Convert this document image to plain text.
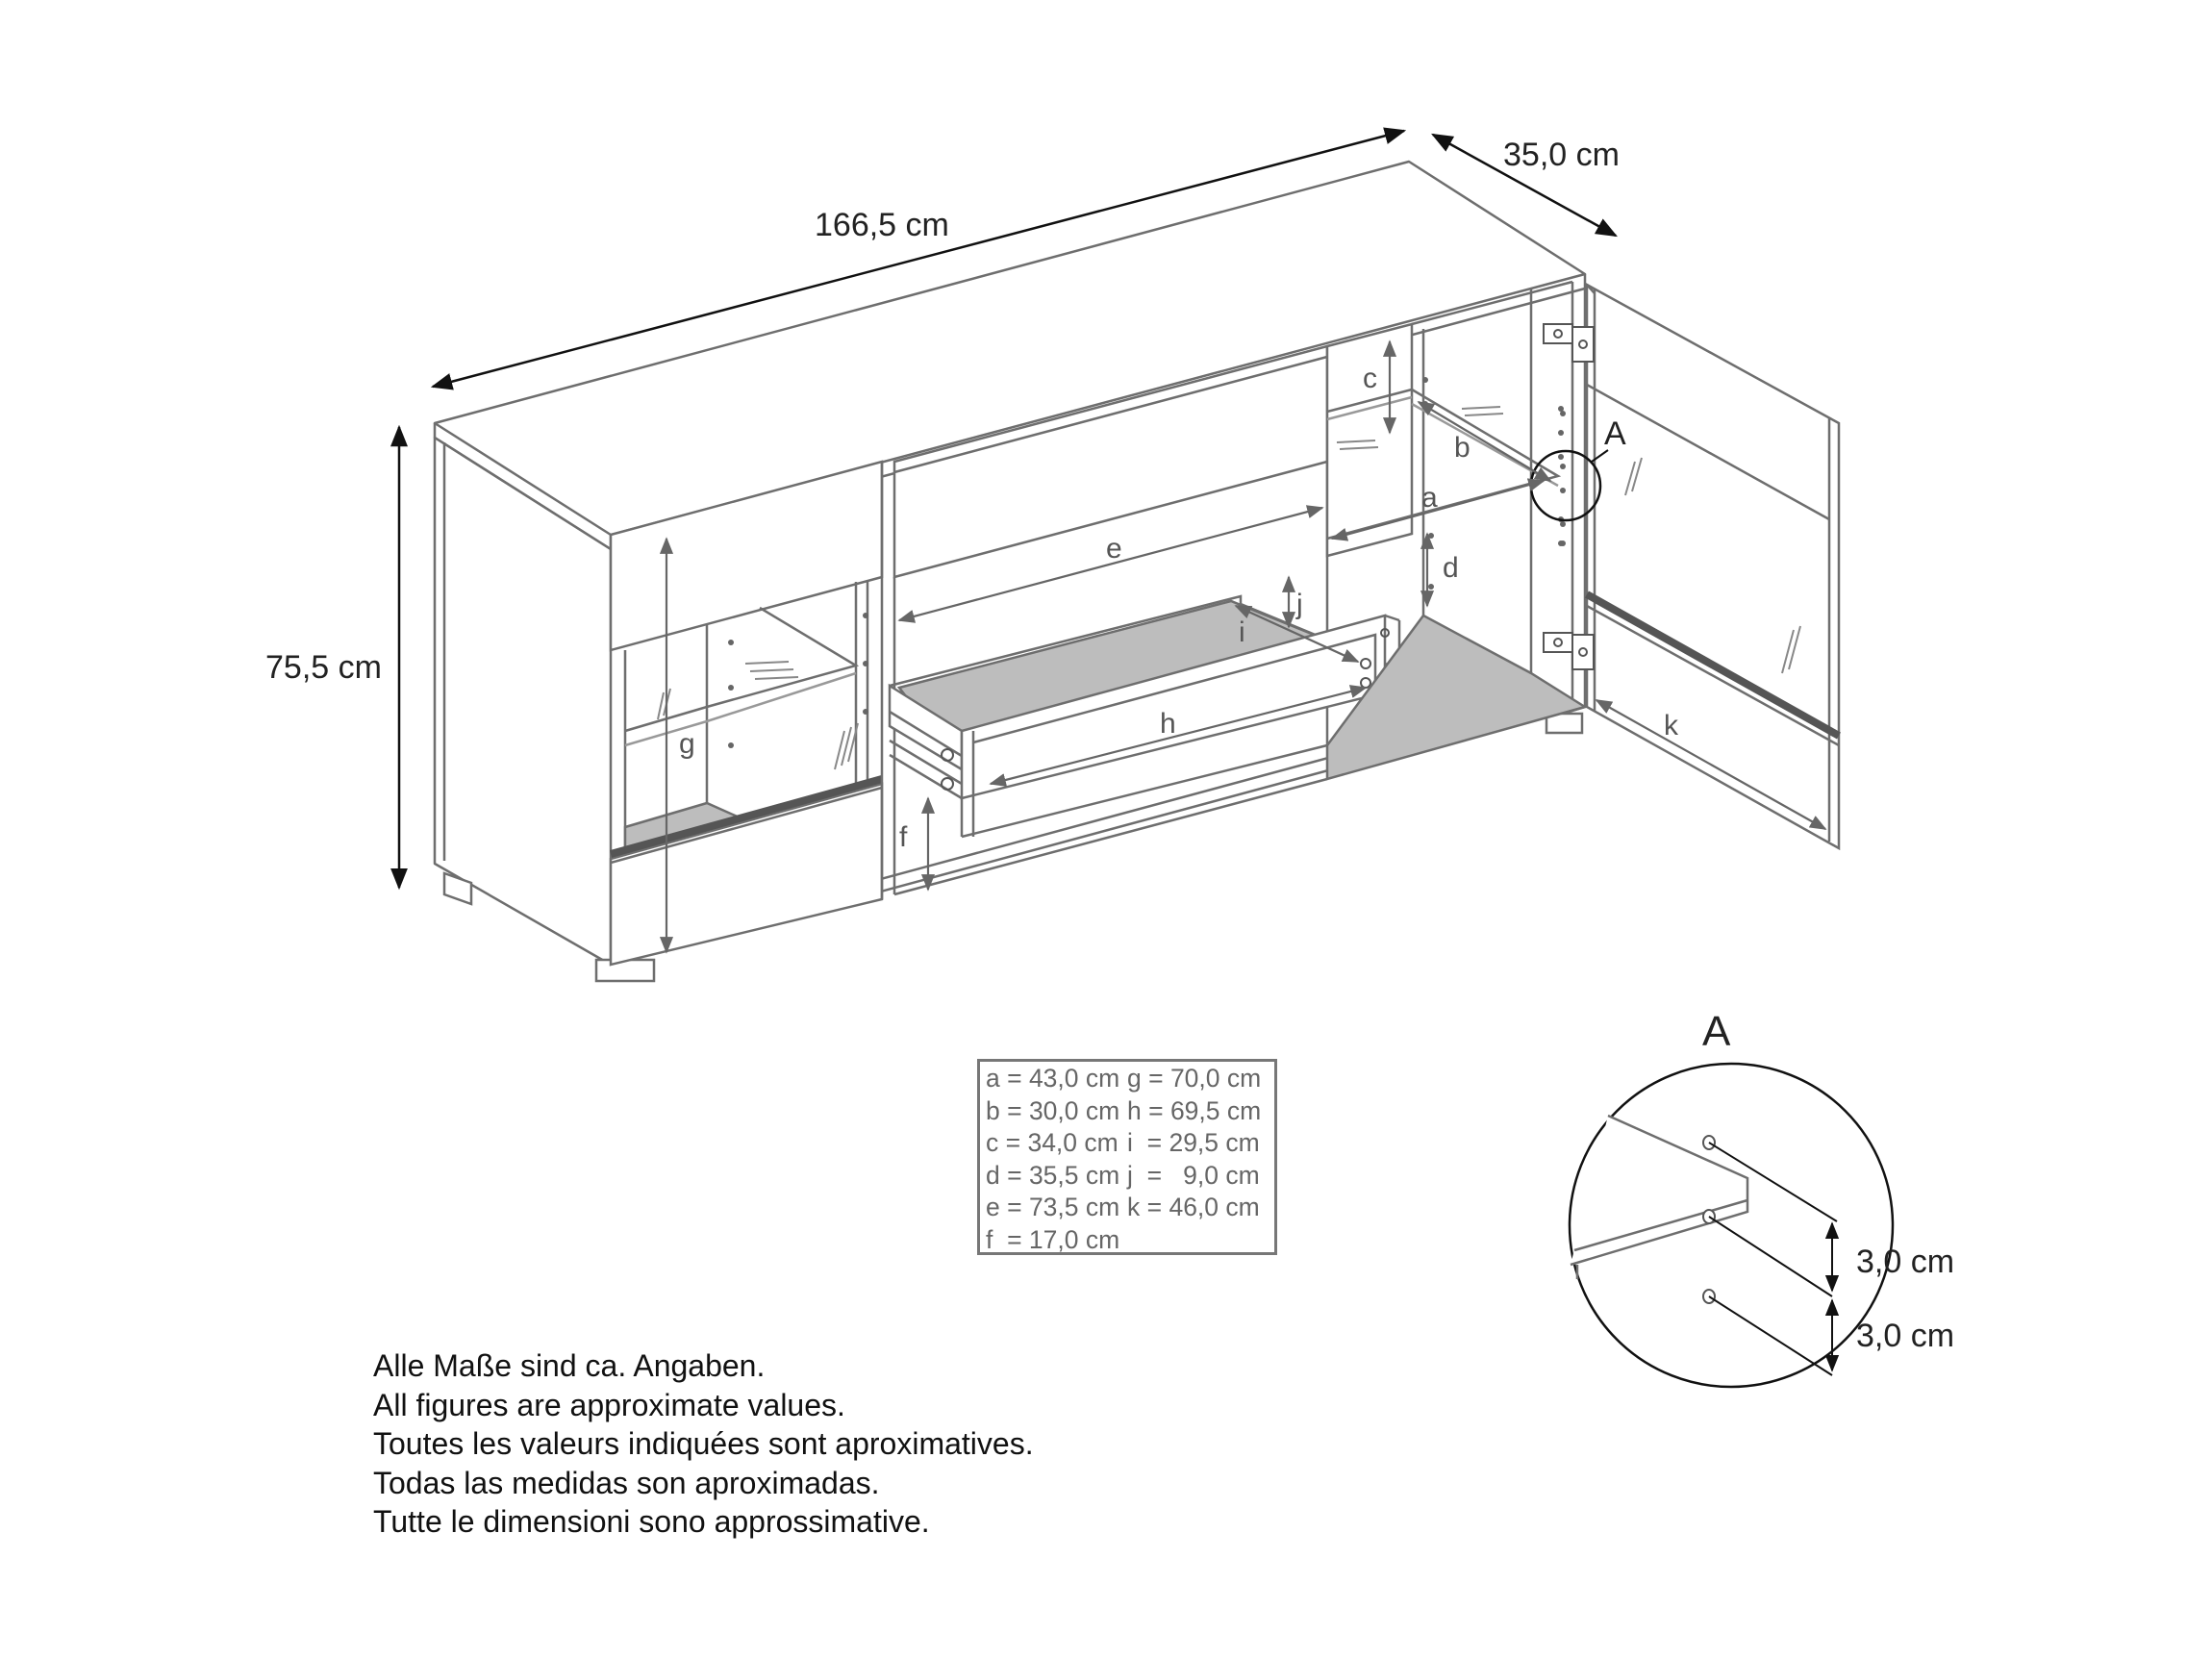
A
166,5 cm
35,0 cm
75,5 cm
a
b
c
d
e
f
g
h
i
j
k
A
3,0 cm
3,0 cm
a = 43,0 cm g = 70,0 cm
b = 30,0 cm h = 69,5 cm
c = 34,0 cm i  = 29,5 cm
d = 35,5 cm j  =   9,0 cm
e = 73,5 cm k = 46,0 cm
f  = 17,0 cm
Alle Maße sind ca. Angaben.
All figures are approximate values.
Toutes les valeurs indiquées sont aproximatives.
Todas las medidas son aproximadas.
Tutte le dimensioni sono approssimative.
